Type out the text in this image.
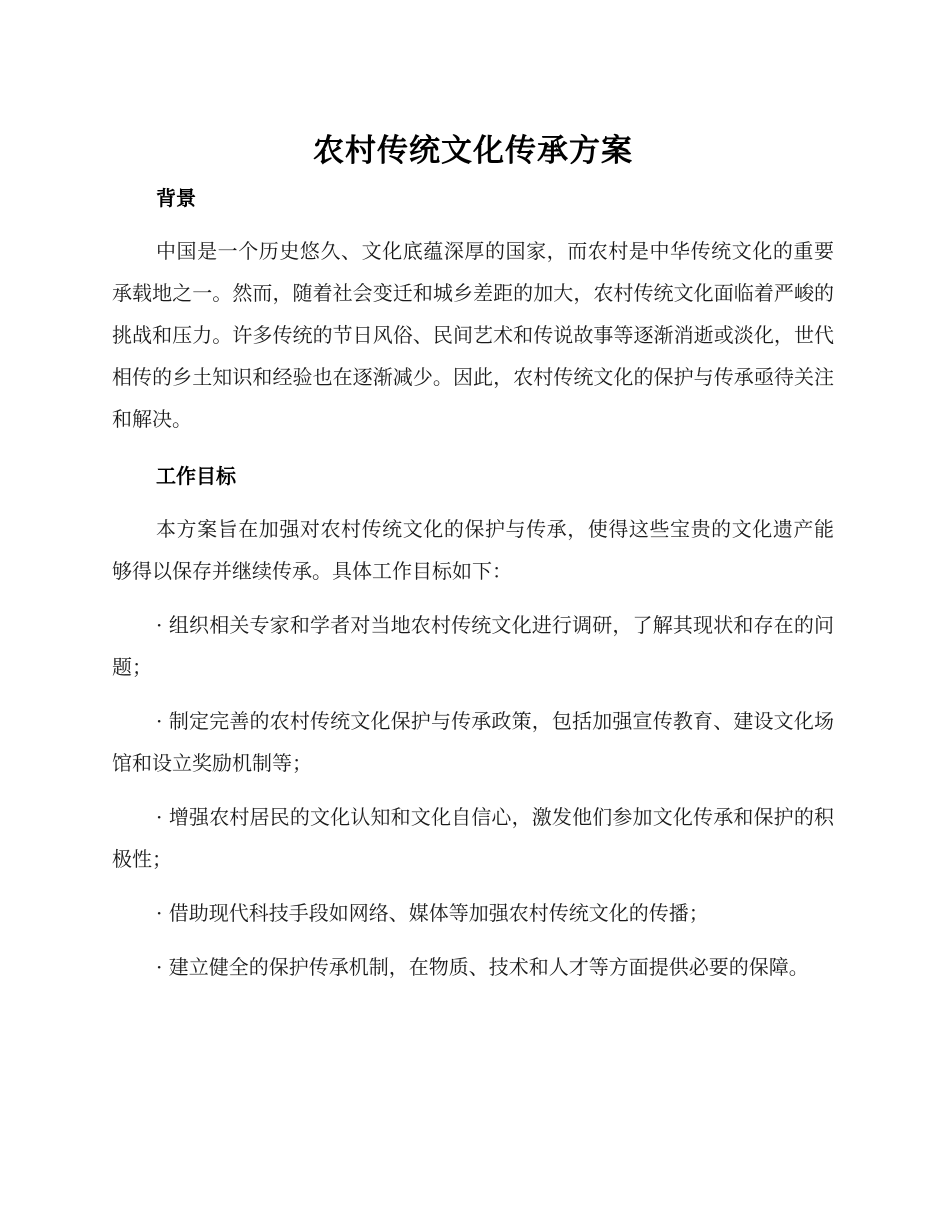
农村传统文化传承方案
背景

中国是一个历史悠久、文化底蕴深厚的国家，而农村是中华传统文化的重要承载地之一。然而，随着社会变迁和城乡差距的加大，农村传统文化面临着严峻的挑战和压力。许多传统的节日风俗、民间艺术和传说故事等逐渐消逝或淡化，世代相传的乡土知识和经验也在逐渐减少。因此，农村传统文化的保护与传承亟待关注和解决。

工作目标

本方案旨在加强对农村传统文化的保护与传承，使得这些宝贵的文化遗产能够得以保存并继续传承。具体工作目标如下：

· 组织相关专家和学者对当地农村传统文化进行调研，了解其现状和存在的问题；

· 制定完善的农村传统文化保护与传承政策，包括加强宣传教育、建设文化场馆和设立奖励机制等；

· 增强农村居民的文化认知和文化自信心，激发他们参加文化传承和保护的积极性；

· 借助现代科技手段如网络、媒体等加强农村传统文化的传播；

· 建立健全的保护传承机制，在物质、技术和人才等方面提供必要的保障。
